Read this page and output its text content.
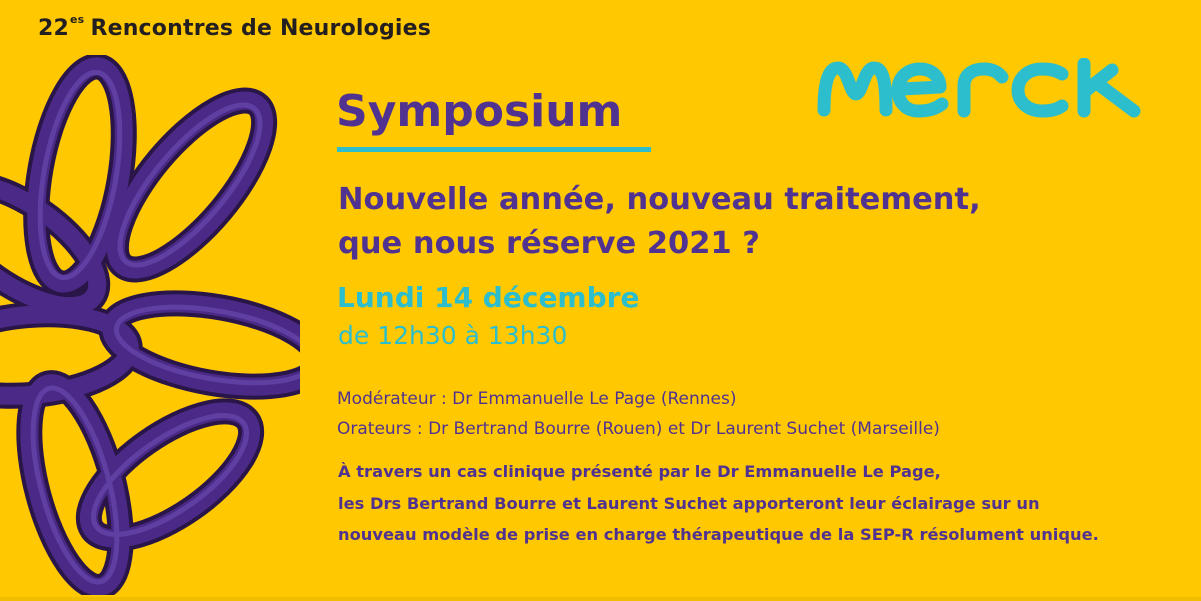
$22^{es}$ Rencontres de Neurologies
Symposium
Nouvelle année, nouveau traitement,
que nous réserve 2021 ?
Lundi 14 décembre
de 12h30 à 13h30
Modérateur : Dr Emmanuelle Le Page (Rennes)
Orateurs : Dr Bertrand Bourre (Rouen) et Dr Laurent Suchet (Marseille)
À travers un cas clinique présenté par le Dr Emmanuelle Le Page,
les Drs Bertrand Bourre et Laurent Suchet apporteront leur éclairage sur un
nouveau modèle de prise en charge thérapeutique de la SEP-R résolument unique.
